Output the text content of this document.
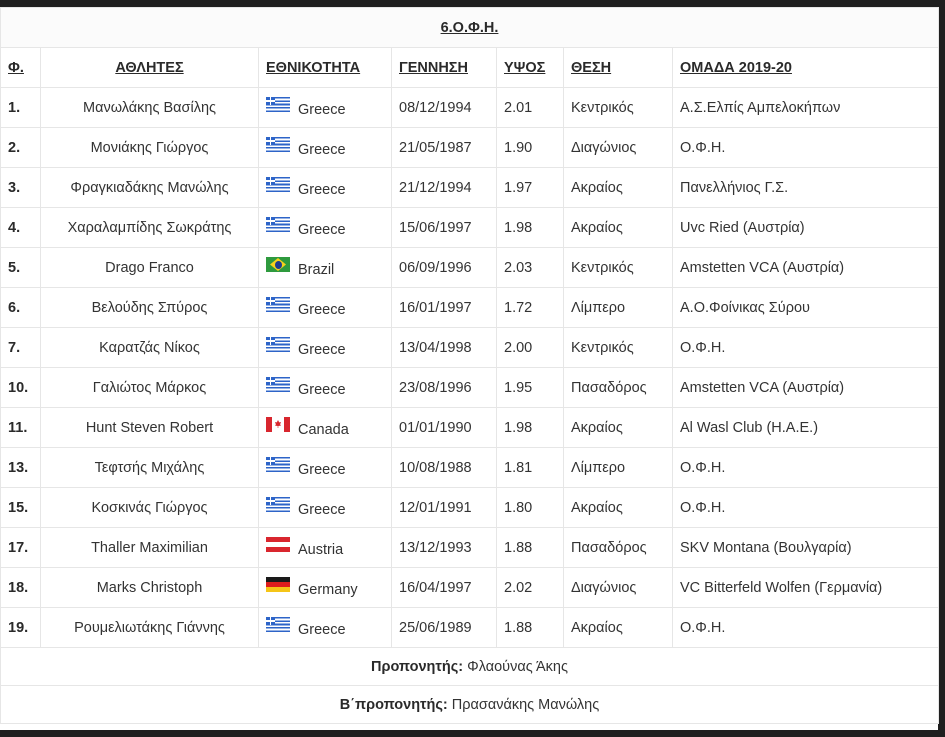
6.Ο.Φ.Η.						
Φ.	ΑΘΛΗΤΕΣ	ΕΘΝΙΚΟΤΗΤΑ	ΓΕΝΝΗΣΗ	ΥΨΟΣ	ΘΕΣΗ	ΟΜΑΔΑ 2019-20
1.	Μανωλάκης Βασίλης	Greece	08/12/1994	2.01	Κεντρικός	Α.Σ.Ελπίς Αμπελοκήπων
2.	Μονιάκης Γιώργος	Greece	21/05/1987	1.90	Διαγώνιος	Ο.Φ.Η.
3.	Φραγκιαδάκης Μανώλης	Greece	21/12/1994	1.97	Ακραίος	Πανελλήνιος Γ.Σ.
4.	Χαραλαμπίδης Σωκράτης	Greece	15/06/1997	1.98	Ακραίος	Uvc Ried (Αυστρία)
5.	Drago Franco	Brazil	06/09/1996	2.03	Κεντρικός	Amstetten VCA (Αυστρία)
6.	Βελούδης Σπύρος	Greece	16/01/1997	1.72	Λίμπερο	Α.Ο.Φοίνικας Σύρου
7.	Καρατζάς Νίκος	Greece	13/04/1998	2.00	Κεντρικός	Ο.Φ.Η.
10.	Γαλιώτος Μάρκος	Greece	23/08/1996	1.95	Πασαδόρος	Amstetten VCA (Αυστρία)
11.	Hunt Steven Robert	Canada	01/01/1990	1.98	Ακραίος	Al Wasl Club (Η.Α.Ε.)
13.	Τεφτσής Μιχάλης	Greece	10/08/1988	1.81	Λίμπερο	Ο.Φ.Η.
15.	Κοσκινάς Γιώργος	Greece	12/01/1991	1.80	Ακραίος	Ο.Φ.Η.
17.	Thaller Maximilian	Austria	13/12/1993	1.88	Πασαδόρος	SKV Montana (Βουλγαρία)
18.	Marks Christoph	Germany	16/04/1997	2.02	Διαγώνιος	VC Bitterfeld Wolfen (Γερμανία)
19.	Ρουμελιωτάκης Γιάννης	Greece	25/06/1989	1.88	Ακραίος	Ο.Φ.Η.
Προπονητής: Φλαούνας Άκης						
Β΄προπονητής: Πρασανάκης Μανώλης						
